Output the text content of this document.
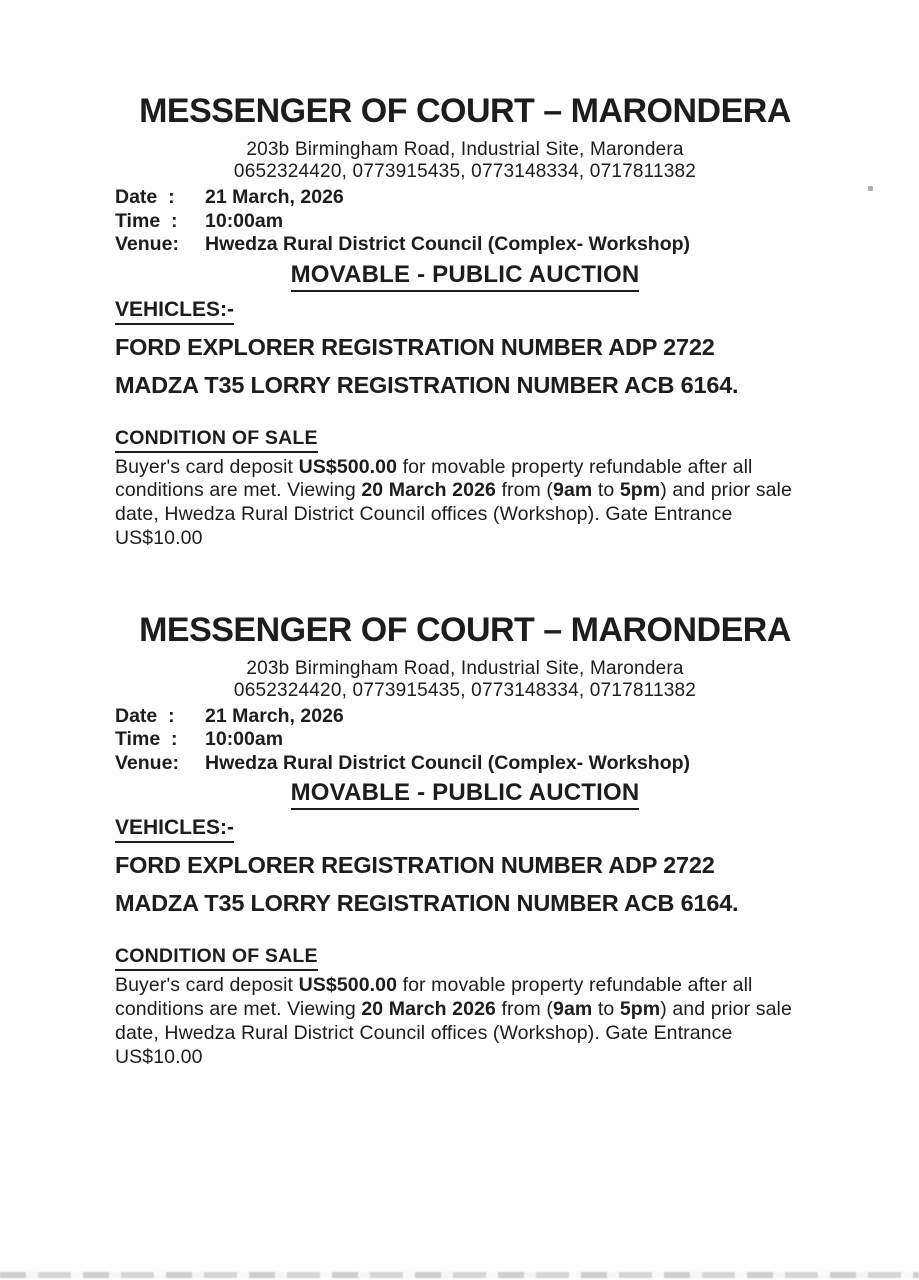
MESSENGER OF COURT – MARONDERA
203b Birmingham Road, Industrial Site, Marondera
0652324420, 0773915435, 0773148334, 0717811382
Date  :	21 March, 2026
Time  :	10:00am
Venue:	Hwedza Rural District Council (Complex- Workshop)
MOVABLE - PUBLIC AUCTION
VEHICLES:-
FORD EXPLORER REGISTRATION NUMBER ADP 2722
MADZA T35 LORRY REGISTRATION NUMBER ACB 6164.
CONDITION OF SALE

Buyer's card deposit US$500.00 for movable property refundable after all
conditions are met. Viewing 20 March 2026 from (9am to 5pm) and prior sale
date, Hwedza Rural District Council offices (Workshop). Gate Entrance
US$10.00

MESSENGER OF COURT – MARONDERA
203b Birmingham Road, Industrial Site, Marondera
0652324420, 0773915435, 0773148334, 0717811382
Date  :	21 March, 2026
Time  :	10:00am
Venue:	Hwedza Rural District Council (Complex- Workshop)
MOVABLE - PUBLIC AUCTION
VEHICLES:-
FORD EXPLORER REGISTRATION NUMBER ADP 2722
MADZA T35 LORRY REGISTRATION NUMBER ACB 6164.
CONDITION OF SALE

Buyer's card deposit US$500.00 for movable property refundable after all
conditions are met. Viewing 20 March 2026 from (9am to 5pm) and prior sale
date, Hwedza Rural District Council offices (Workshop). Gate Entrance
US$10.00
